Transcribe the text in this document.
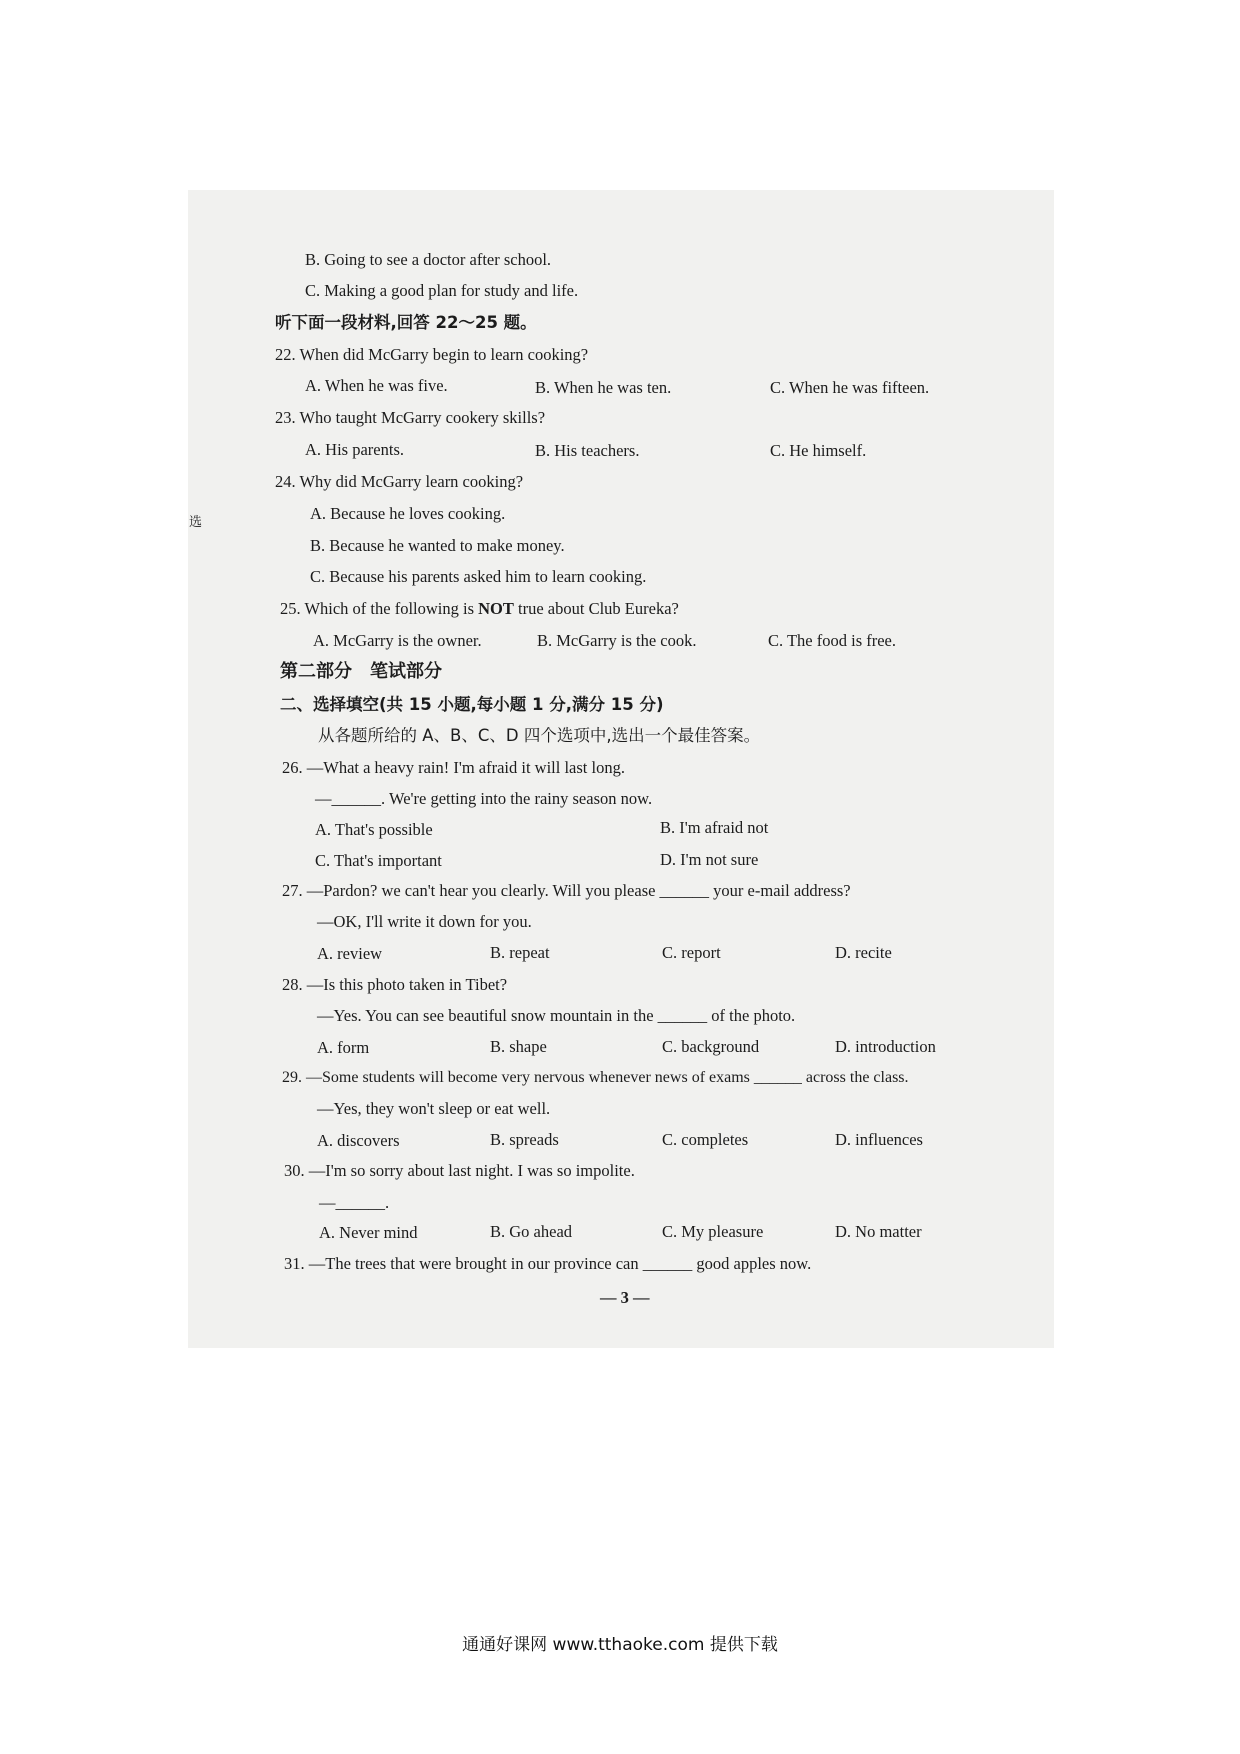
选
B. Going to see a doctor after school.
C. Making a good plan for study and life.
听下面一段材料,回答 22～25 题。
22. When did McGarry begin to learn cooking?
A. When he was five.	B. When he was ten.	C. When he was fifteen.
23. Who taught McGarry cookery skills?
A. His parents.	B. His teachers.	C. He himself.
24. Why did McGarry learn cooking?
A. Because he loves cooking.
B. Because he wanted to make money.
C. Because his parents asked him to learn cooking.
25. Which of the following is NOT true about Club Eureka?
A. McGarry is the owner.	B. McGarry is the cook.	C. The food is free.
第二部分　笔试部分
二、选择填空(共 15 小题,每小题 1 分,满分 15 分)
从各题所给的 A、B、C、D 四个选项中,选出一个最佳答案。
26. —What a heavy rain! I'm afraid it will last long.
—______. We're getting into the rainy season now.
A. That's possible	B. I'm afraid not
C. That's important	D. I'm not sure
27. —Pardon? we can't hear you clearly. Will you please ______ your e-mail address?
—OK, I'll write it down for you.
A. review	B. repeat	C. report	D. recite
28. —Is this photo taken in Tibet?
—Yes. You can see beautiful snow mountain in the ______ of the photo.
A. form	B. shape	C. background	D. introduction
29. —Some students will become very nervous whenever news of exams ______ across the class.
—Yes, they won't sleep or eat well.
A. discovers	B. spreads	C. completes	D. influences
30. —I'm so sorry about last night. I was so impolite.
—______.
A. Never mind	B. Go ahead	C. My pleasure	D. No matter
31. —The trees that were brought in our province can ______ good apples now.
— 3 —
通通好课网 www.tthaoke.com 提供下载
